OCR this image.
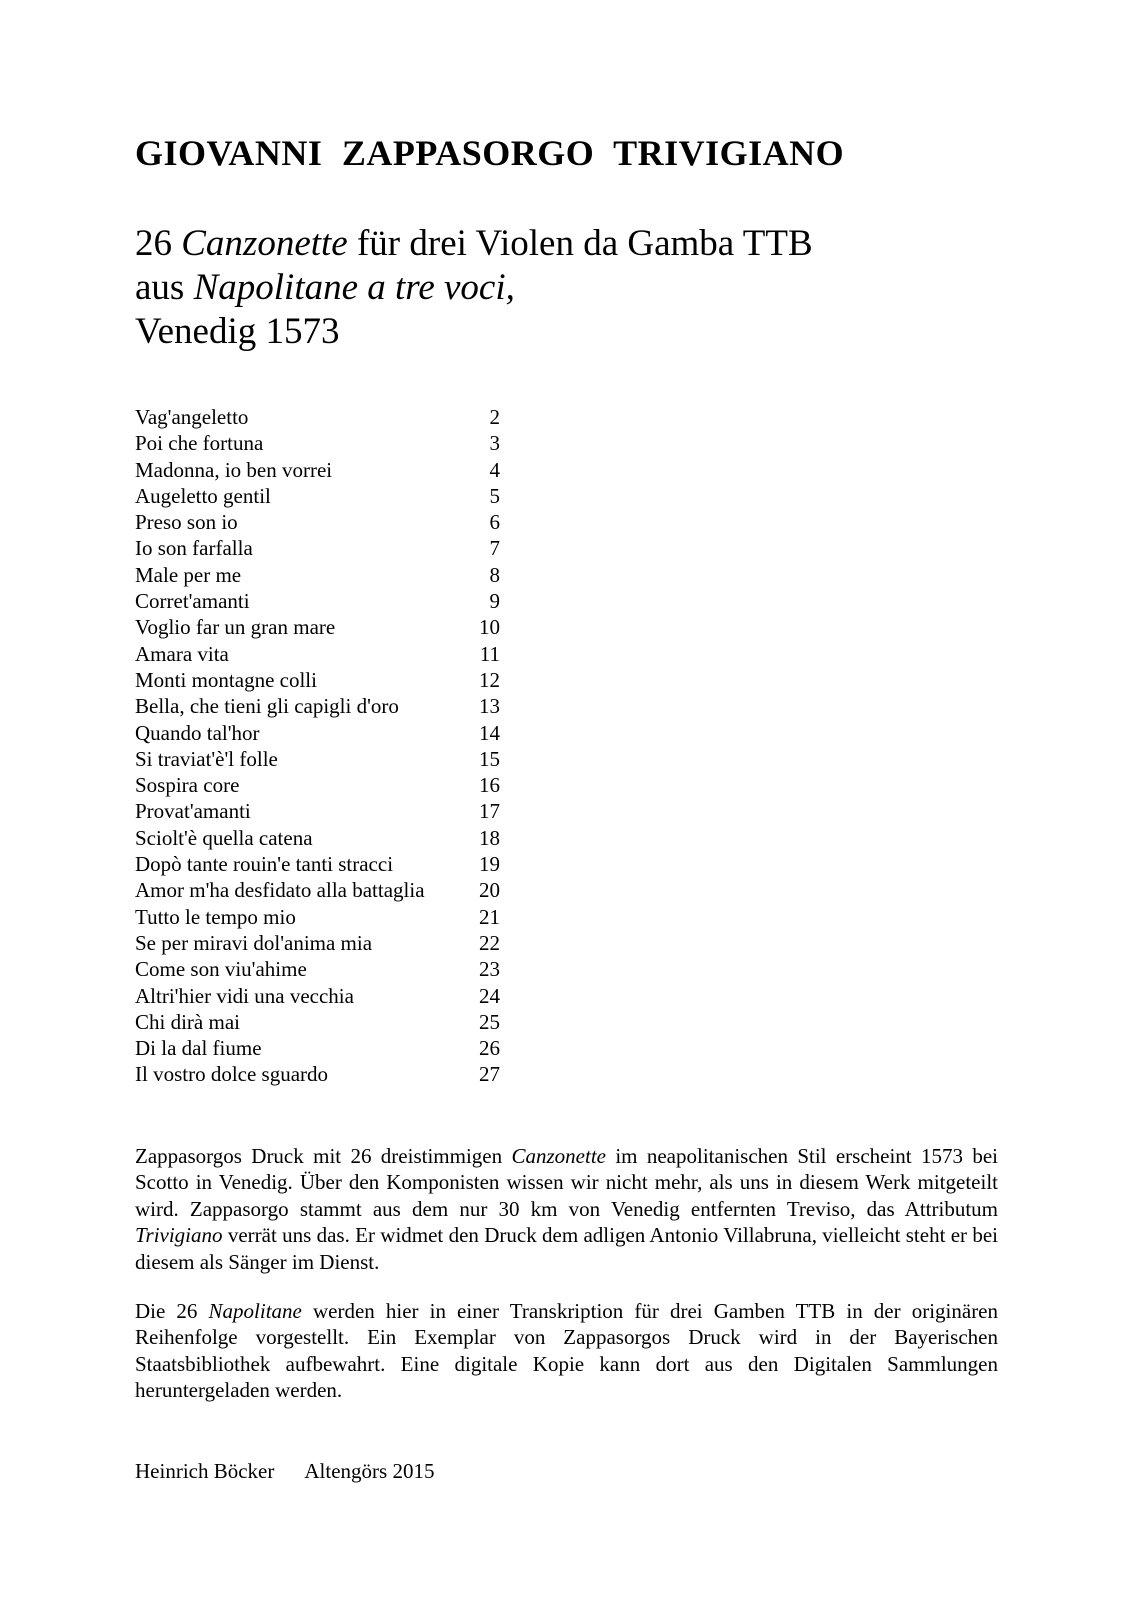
GIOVANNI ZAPPASORGO TRIVIGIANO
26 Canzonette für drei Violen da Gamba TTB
aus Napolitane a tre voci,
Venedig 1573
Vag'angeletto	2
Poi che fortuna	3
Madonna, io ben vorrei	4
Augeletto gentil	5
Preso son io	6
Io son farfalla	7
Male per me	8
Corret'amanti	9
Voglio far un gran mare	10
Amara vita	11
Monti montagne colli	12
Bella, che tieni gli capigli d'oro	13
Quando tal'hor	14
Si traviat'è'l folle	15
Sospira core	16
Provat'amanti	17
Sciolt'è quella catena	18
Dopò tante rouin'e tanti stracci	19
Amor m'ha desfidato alla battaglia	20
Tutto le tempo mio	21
Se per miravi dol'anima mia	22
Come son viu'ahime	23
Altri'hier vidi una vecchia	24
Chi dirà mai	25
Di la dal fiume	26
Il vostro dolce sguardo	27

Zappasorgos Druck mit 26 dreistimmigen Canzonette im neapolitanischen Stil erscheint 1573 bei Scotto in Venedig. Über den Komponisten wissen wir nicht mehr, als uns in diesem Werk mitgeteilt wird. Zappasorgo stammt aus dem nur 30 km von Venedig entfernten Treviso, das Attributum Trivigiano verrät uns das. Er widmet den Druck dem adligen Antonio Villabruna, vielleicht steht er bei diesem als Sänger im Dienst.

Die 26 Napolitane werden hier in einer Transkription für drei Gamben TTB in der originären Reihenfolge vorgestellt. Ein Exemplar von Zappasorgos Druck wird in der Bayerischen Staatsbibliothek aufbewahrt. Eine digitale Kopie kann dort aus den Digitalen Sammlungen heruntergeladen werden.

Heinrich Böcker Altengörs 2015
